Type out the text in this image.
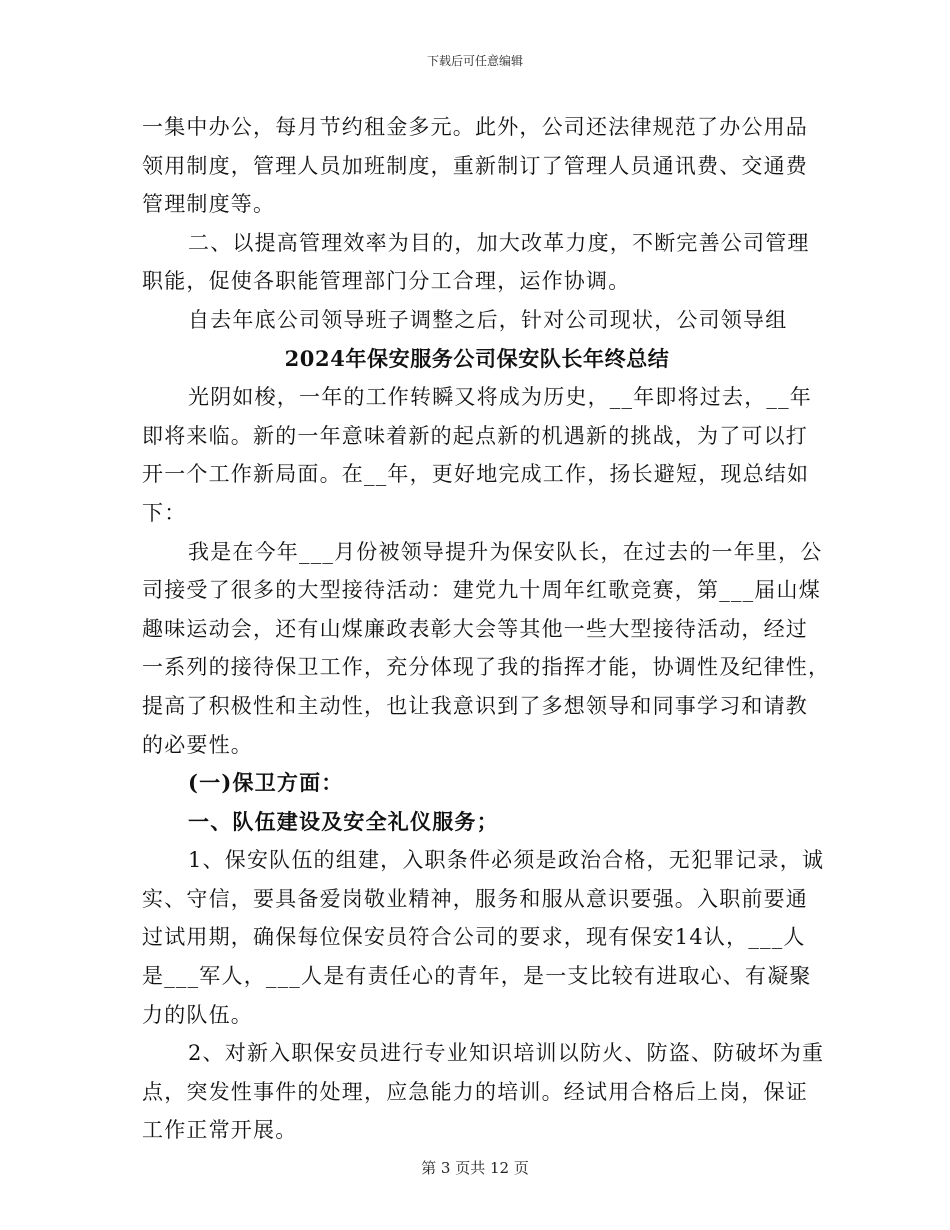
下载后可任意编辑
一集中办公，每月节约租金多元。此外，公司还法律规范了办公用品
领用制度，管理人员加班制度，重新制订了管理人员通讯费、交通费
管理制度等。
二、以提高管理效率为目的，加大改革力度，不断完善公司管理
职能，促使各职能管理部门分工合理，运作协调。
自去年底公司领导班子调整之后，针对公司现状，公司领导组
2024年保安服务公司保安队长年终总结
光阴如梭，一年的工作转瞬又将成为历史，__年即将过去，__年
即将来临。新的一年意味着新的起点新的机遇新的挑战，为了可以打
开一个工作新局面。在__年，更好地完成工作，扬长避短，现总结如
下：
我是在今年___月份被领导提升为保安队长，在过去的一年里，公
司接受了很多的大型接待活动：建党九十周年红歌竞赛，第___届山煤
趣味运动会，还有山煤廉政表彰大会等其他一些大型接待活动，经过
一系列的接待保卫工作，充分体现了我的指挥才能，协调性及纪律性，
提高了积极性和主动性，也让我意识到了多想领导和同事学习和请教
的必要性。
(一)保卫方面：
一、队伍建设及安全礼仪服务；
1、保安队伍的组建，入职条件必须是政治合格，无犯罪记录，诚
实、守信，要具备爱岗敬业精神，服务和服从意识要强。入职前要通
过试用期，确保每位保安员符合公司的要求，现有保安14认，___人
是___军人，___人是有责任心的青年，是一支比较有进取心、有凝聚
力的队伍。
2、对新入职保安员进行专业知识培训以防火、防盗、防破坏为重
点，突发性事件的处理，应急能力的培训。经试用合格后上岗，保证
工作正常开展。
第 3 页共 12 页
